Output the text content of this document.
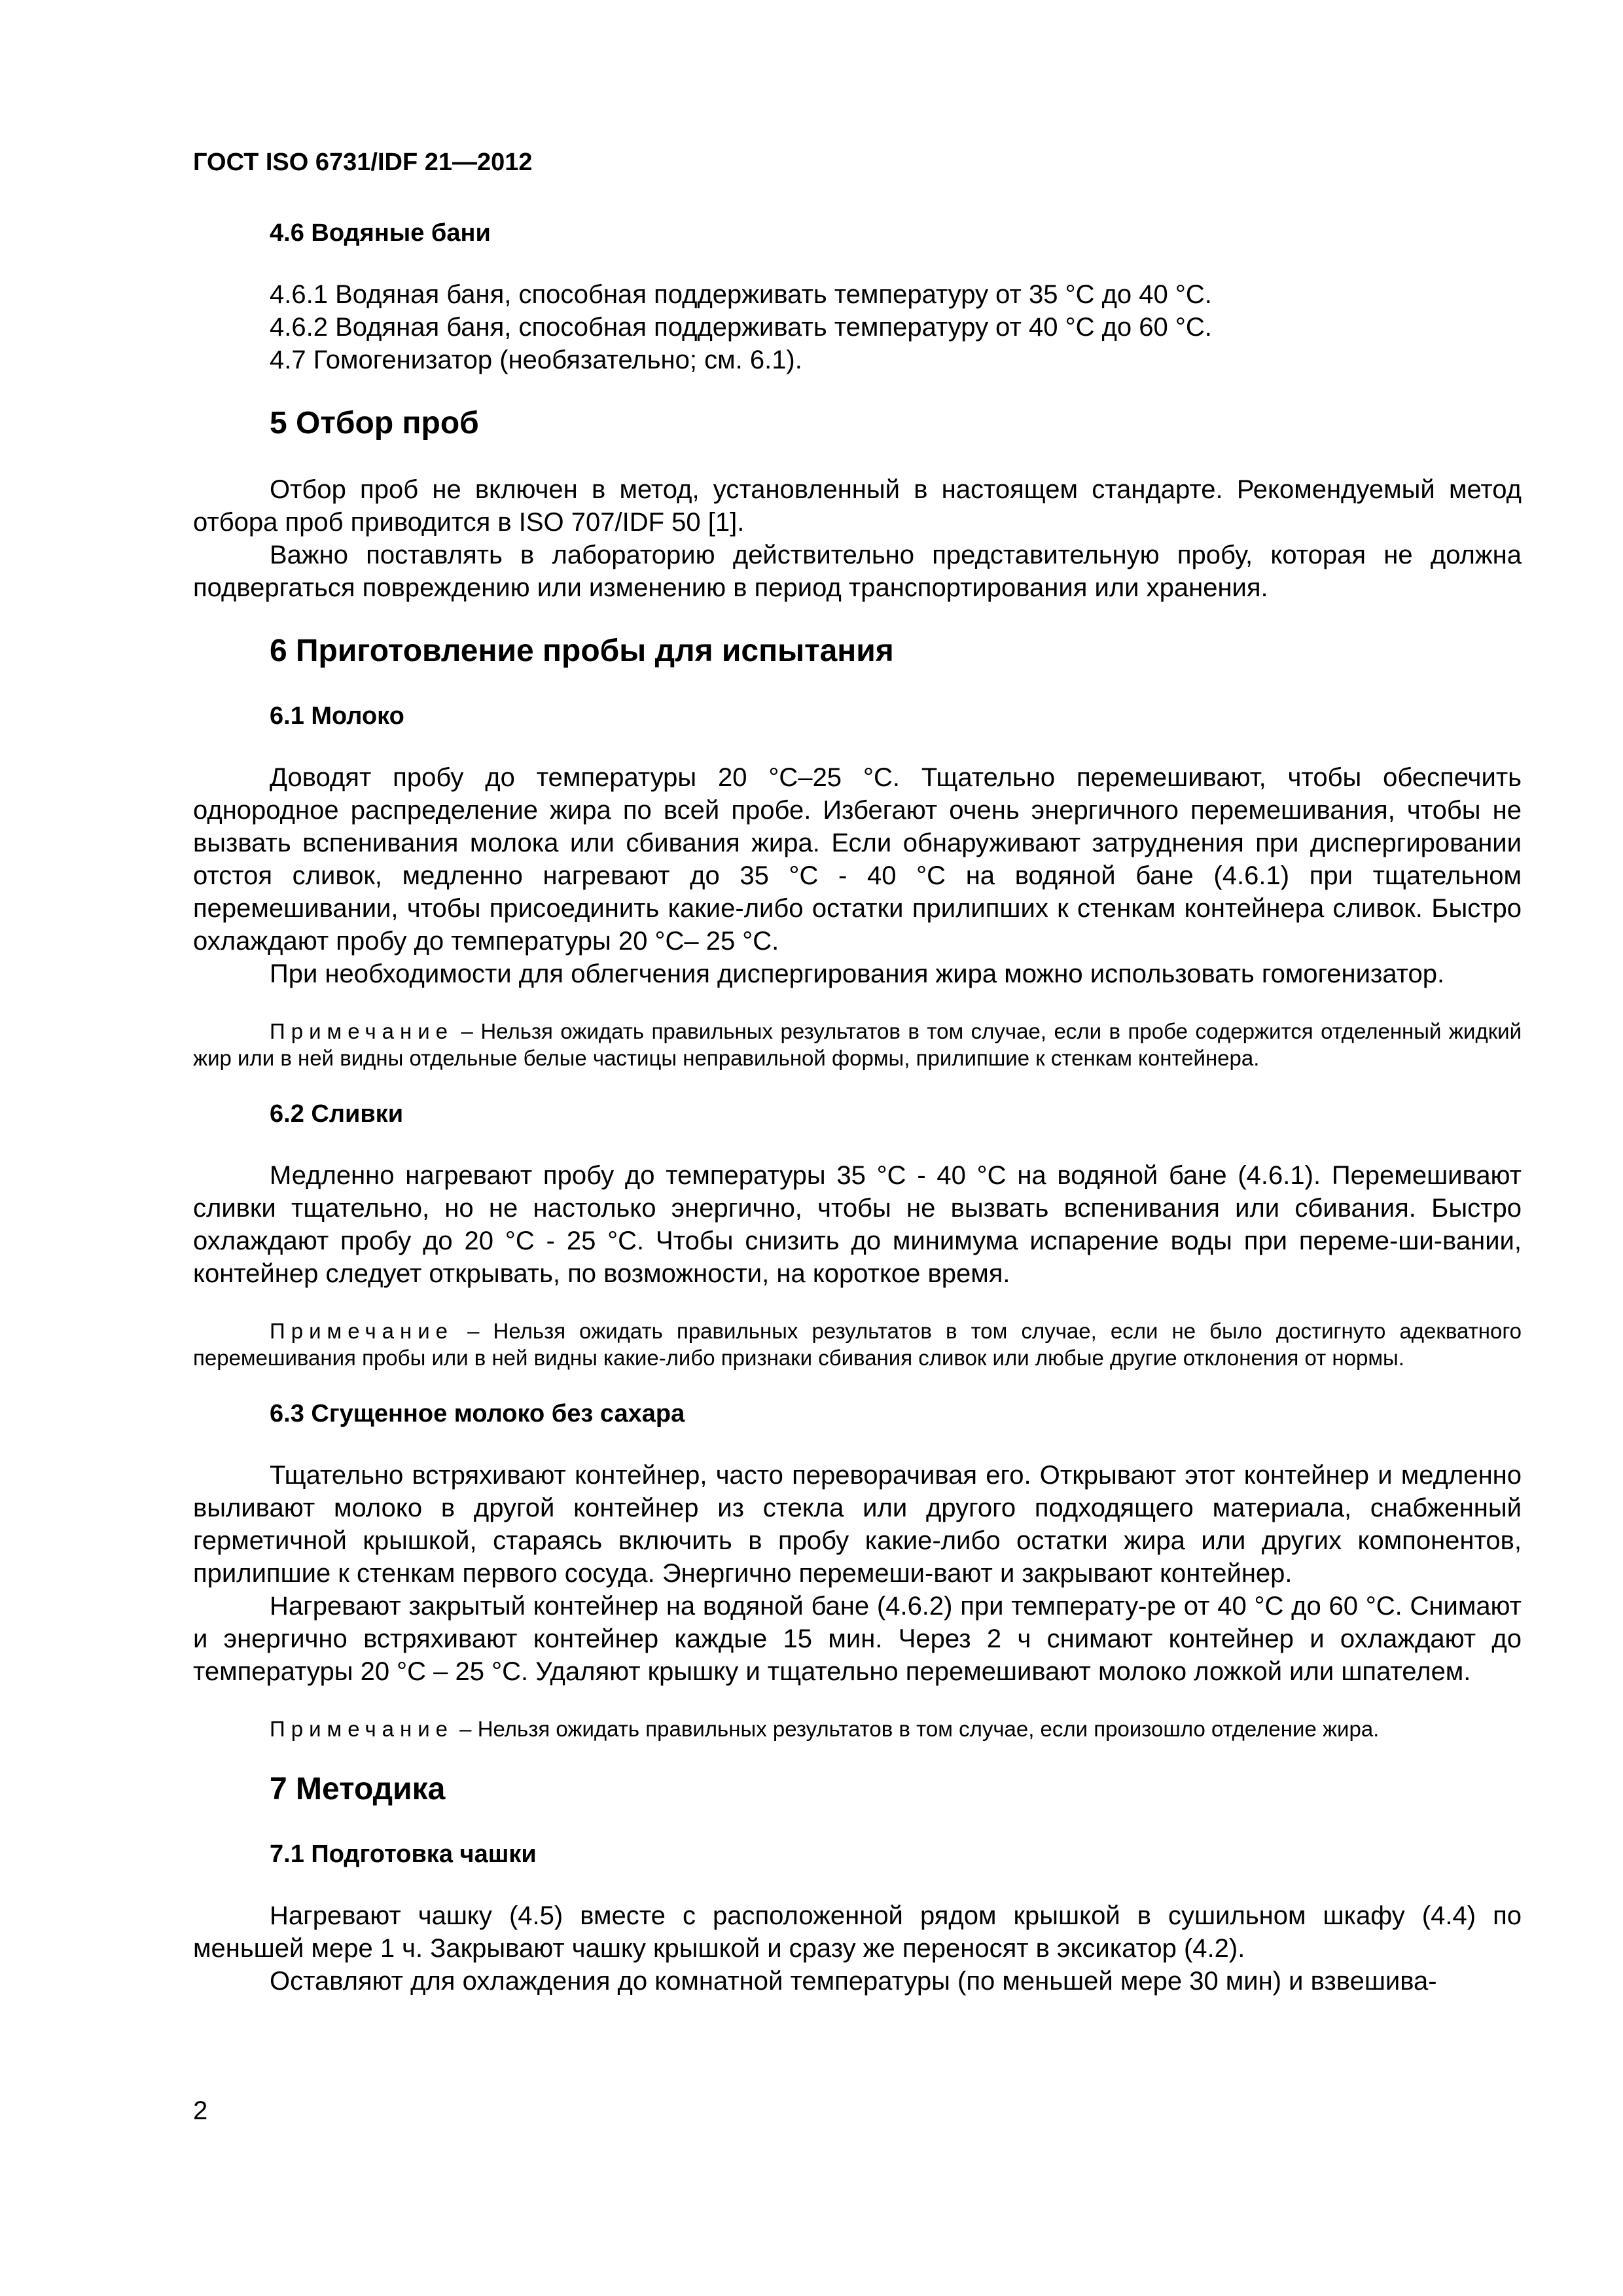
ГОСТ ISO 6731/IDF 21—2012
4.6 Водяные бани

4.6.1 Водяная баня, способная поддерживать температуру от 35 °С до 40 °С.

4.6.2 Водяная баня, способная поддерживать температуру от 40 °С до 60 °С.

4.7 Гомогенизатор (необязательно; см. 6.1).

5 Отбор проб

Отбор проб не включен в метод, установленный в настоящем стандарте. Рекомендуемый метод отбора проб приводится в ISO 707/IDF 50 [1].

Важно поставлять в лабораторию действительно представительную пробу, которая не должна подвергаться повреждению или изменению в период транспортирования или хранения.

6 Приготовление пробы для испытания
6.1 Молоко

Доводят пробу до температуры 20 °С–25 °С. Тщательно перемешивают, чтобы обеспечить однородное распределение жира по всей пробе. Избегают очень энергичного перемешивания, чтобы не вызвать вспенивания молока или сбивания жира. Если обнаруживают затруднения при диспергировании отстоя сливок, медленно нагревают до 35 °С - 40 °С на водяной бане (4.6.1) при тщательном перемешивании, чтобы присоединить какие-либо остатки прилипших к стенкам контейнера сливок. Быстро охлаждают пробу до температуры 20 °С– 25 °С.

При необходимости для облегчения диспергирования жира можно использовать гомогенизатор.

Примечание – Нельзя ожидать правильных результатов в том случае, если в пробе содержится отделенный жидкий жир или в ней видны отдельные белые частицы неправильной формы, прилипшие к стенкам контейнера.

6.2 Сливки

Медленно нагревают пробу до температуры 35 °С - 40 °С на водяной бане (4.6.1). Перемешивают сливки тщательно, но не настолько энергично, чтобы не вызвать вспенивания или сбивания. Быстро охлаждают пробу до 20 °С - 25 °С. Чтобы снизить до минимума испарение воды при переме-ши-вании, контейнер следует открывать, по возможности, на короткое время.

Примечание – Нельзя ожидать правильных результатов в том случае, если не было достигнуто адекватного перемешивания пробы или в ней видны какие-либо признаки сбивания сливок или любые другие отклонения от нормы.

6.3 Сгущенное молоко без сахара

Тщательно встряхивают контейнер, часто переворачивая его. Открывают этот контейнер и медленно выливают молоко в другой контейнер из стекла или другого подходящего материала, снабженный герметичной крышкой, стараясь включить в пробу какие-либо остатки жира или других компонентов, прилипшие к стенкам первого сосуда. Энергично перемеши-вают и закрывают контейнер.

Нагревают закрытый контейнер на водяной бане (4.6.2) при температу-ре от 40 °С до 60 °С. Снимают и энергично встряхивают контейнер каждые 15 мин. Через 2 ч снимают контейнер и охлаждают до температуры 20 °С – 25 °С. Удаляют крышку и тщательно перемешивают молоко ложкой или шпателем.

Примечание – Нельзя ожидать правильных результатов в том случае, если произошло отделение жира.

7 Методика
7.1 Подготовка чашки

Нагревают чашку (4.5) вместе с расположенной рядом крышкой в сушильном шкафу (4.4) по меньшей мере 1 ч. Закрывают чашку крышкой и сразу же переносят в эксикатор (4.2).

Оставляют для охлаждения до комнатной температуры (по меньшей мере 30 мин) и взвешива-

2
